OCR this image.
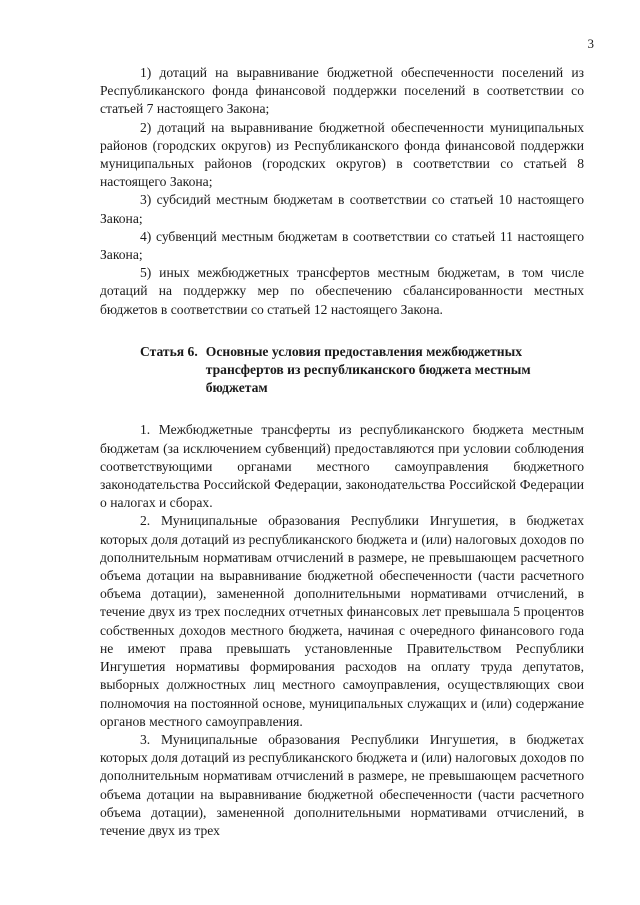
3

1) дотаций на выравнивание бюджетной обеспеченности поселений из Республиканского фонда финансовой поддержки поселений в соответствии со статьей 7 настоящего Закона;

2) дотаций на выравнивание бюджетной обеспеченности муниципальных районов (городских округов) из Республиканского фонда финансовой поддержки муниципальных районов (городских округов) в соответствии со статьей 8 настоящего Закона;

3) субсидий местным бюджетам в соответствии со статьей 10 настоящего Закона;

4) субвенций местным бюджетам в соответствии со статьей 11 настоящего Закона;

5) иных межбюджетных трансфертов местным бюджетам, в том числе дотаций на поддержку мер по обеспечению сбалансированности местных бюджетов в соответствии со статьей 12 настоящего Закона.

Статья 6. Основные условия предоставления межбюджетных трансфертов из республиканского бюджета местным бюджетам

1. Межбюджетные трансферты из республиканского бюджета местным бюджетам (за исключением субвенций) предоставляются при условии соблюдения соответствующими органами местного самоуправления бюджетного законодательства Российской Федерации, законодательства Российской Федерации о налогах и сборах.

2. Муниципальные образования Республики Ингушетия, в бюджетах которых доля дотаций из республиканского бюджета и (или) налоговых доходов по дополнительным нормативам отчислений в размере, не превышающем расчетного объема дотации на выравнивание бюджетной обеспеченности (части расчетного объема дотации), замененной дополнительными нормативами отчислений, в течение двух из трех последних отчетных финансовых лет превышала 5 процентов собственных доходов местного бюджета, начиная с очередного финансового года не имеют права превышать установленные Правительством Республики Ингушетия нормативы формирования расходов на оплату труда депутатов, выборных должностных лиц местного самоуправления, осуществляющих свои полномочия на постоянной основе, муниципальных служащих и (или) содержание органов местного самоуправления.

3. Муниципальные образования Республики Ингушетия, в бюджетах которых доля дотаций из республиканского бюджета и (или) налоговых доходов по дополнительным нормативам отчислений в размере, не превышающем расчетного объема дотации на выравнивание бюджетной обеспеченности (части расчетного объема дотации), замененной дополнительными нормативами отчислений, в течение двух из трех
